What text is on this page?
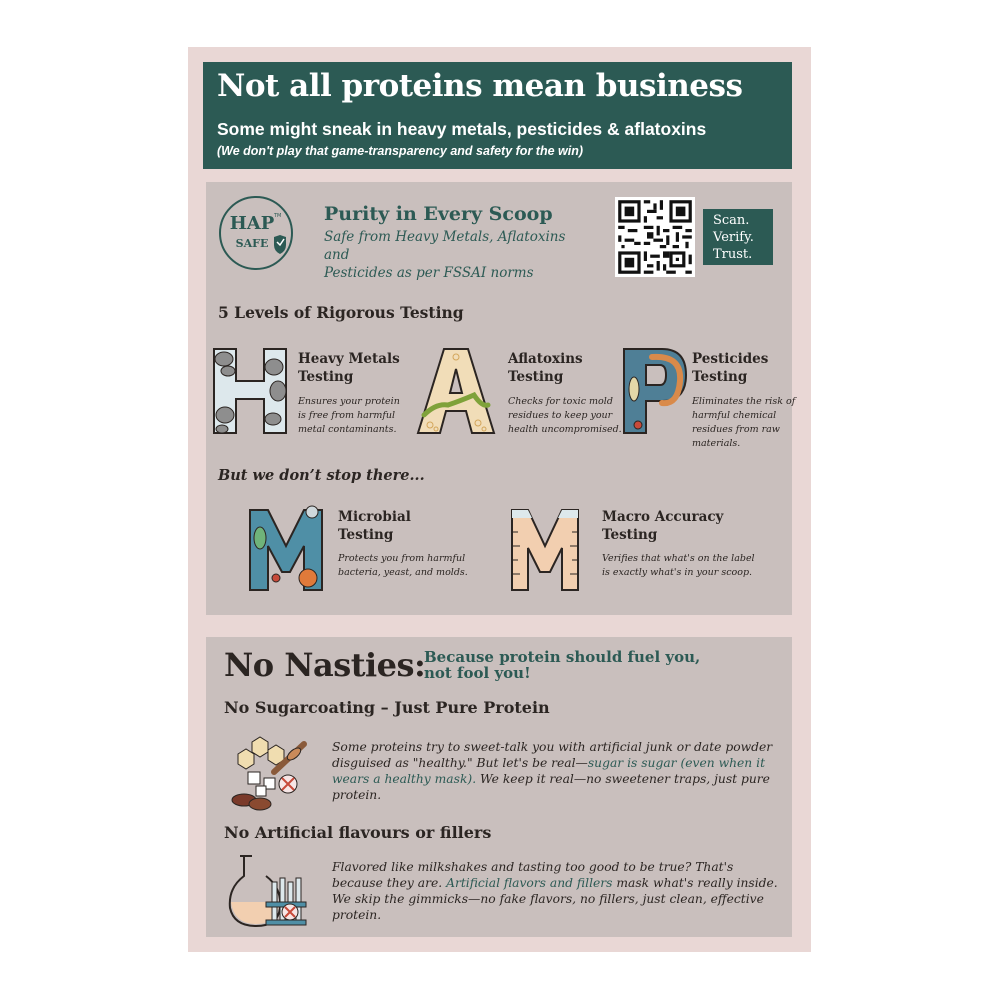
Not all proteins mean business
Some might sneak in heavy metals, pesticides & aflatoxins
(We don't play that game-transparency and safety for the win)
HAP TM
SAFE
Purity in Every Scoop
Safe from Heavy Metals, Aflatoxins and
Pesticides as per FSSAI norms
Scan.
Verify.
Trust.
5 Levels of Rigorous Testing
H
Heavy Metals
Testing
Ensures your protein
is free from harmful
metal contaminants.
Aflatoxins
Testing
Checks for toxic mold
residues to keep your
health uncompromised.
Pesticides
Testing
Eliminates the risk of
harmful chemical
residues from raw
materials.
But we don’t stop there...
Microbial
Testing
Protects you from harmful
bacteria, yeast, and molds.
Macro Accuracy
Testing
Verifies that what's on the label
is exactly what's in your scoop.
No Nasties:
Because protein should fuel you,
not fool you!
No Sugarcoating – Just Pure Protein
Some proteins try to sweet-talk you with artificial junk or date powder disguised as "healthy." But let's be real—sugar is sugar (even when it wears a healthy mask). We keep it real—no sweetener traps, just pure protein.
No Artificial flavours or fillers
Flavored like milkshakes and tasting too good to be true? That's because they are. Artificial flavors and fillers mask what's really inside. We skip the gimmicks—no fake flavors, no fillers, just clean, effective protein.
